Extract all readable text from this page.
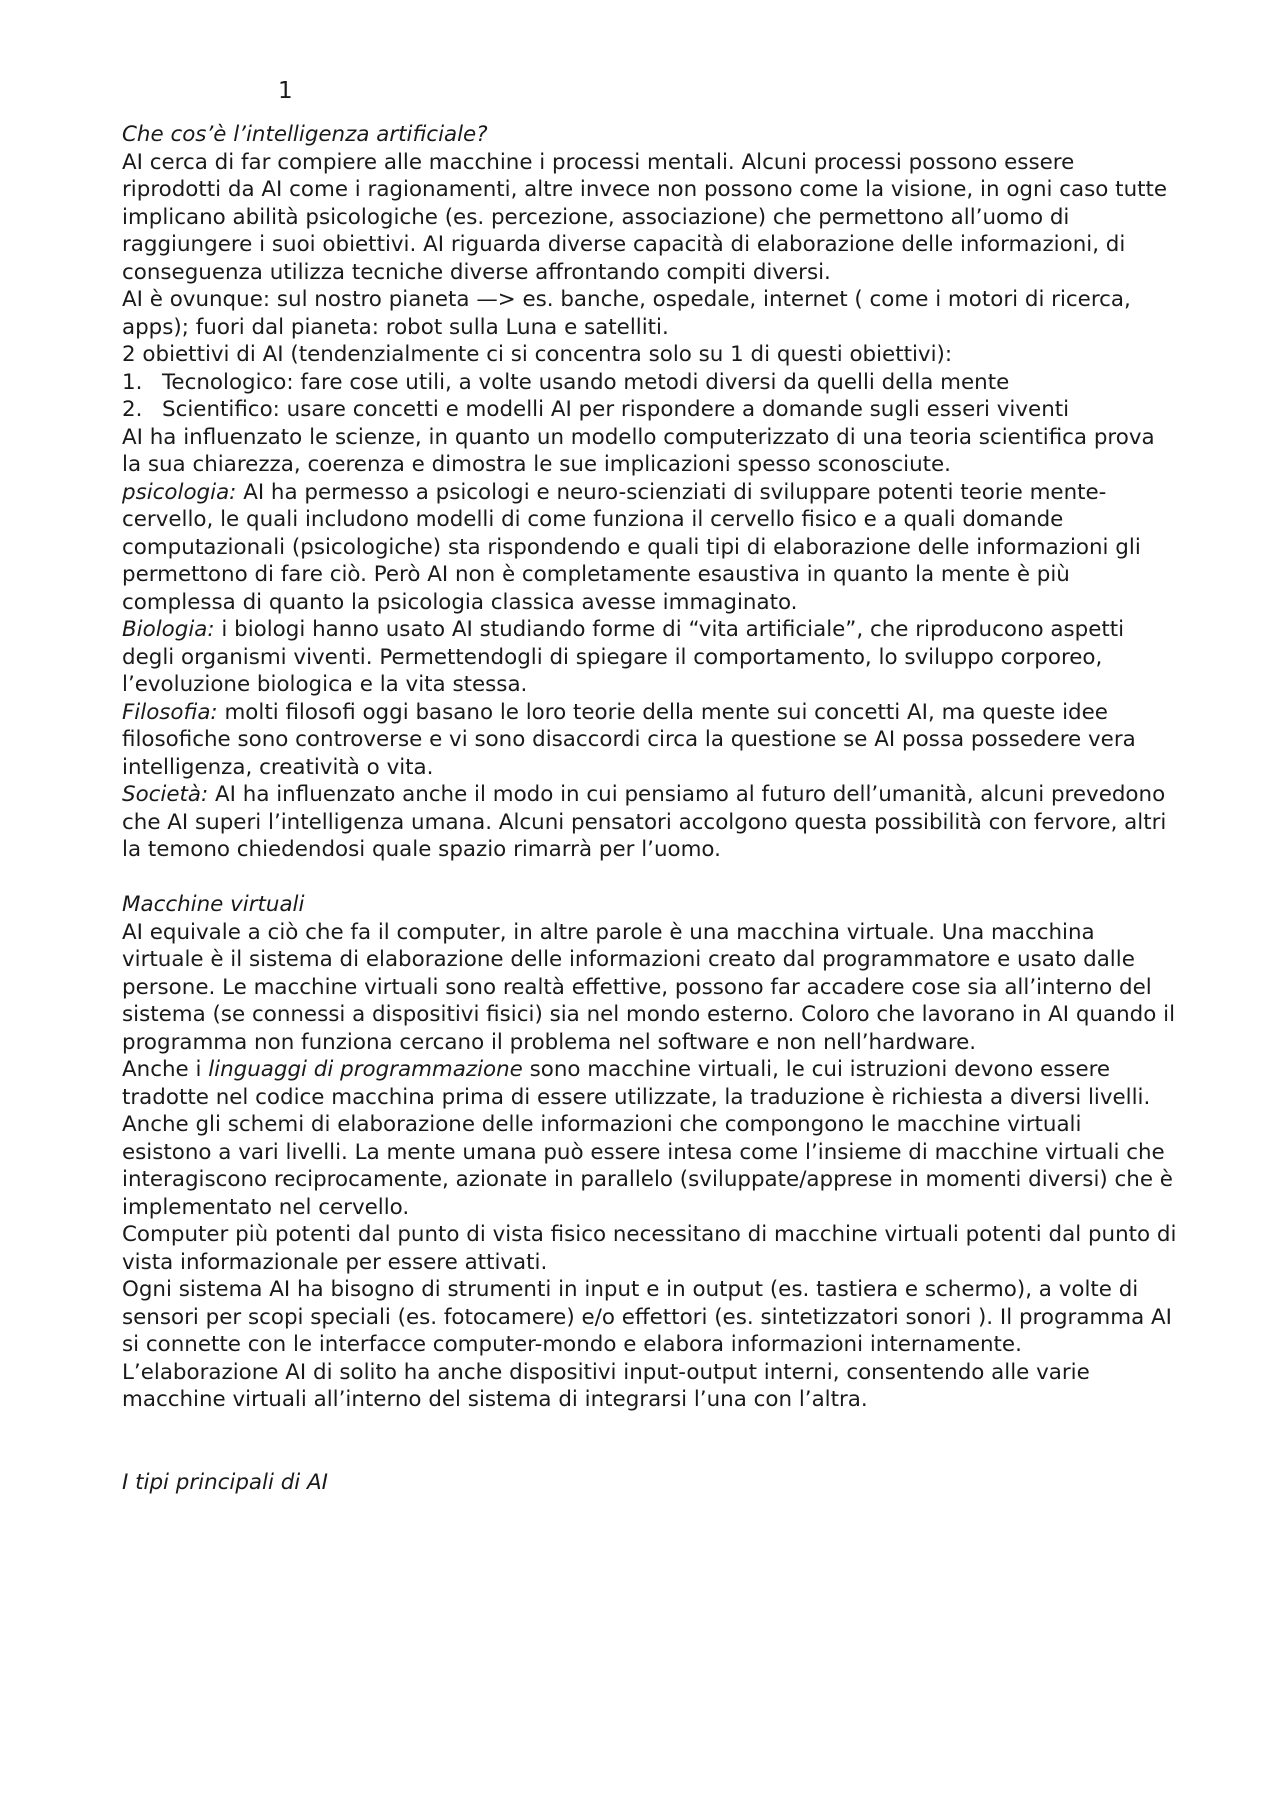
1

Che cos’è l’intelligenza artificiale?

AI cerca di far compiere alle macchine i processi mentali. Alcuni processi possono essere riprodotti da AI come i ragionamenti, altre invece non possono come la visione, in ogni caso tutte implicano abilità psicologiche (es. percezione, associazione) che permettono all’uomo di raggiungere i suoi obiettivi. AI riguarda diverse capacità di elaborazione delle informazioni, di conseguenza utilizza tecniche diverse affrontando compiti diversi.

AI è ovunque: sul nostro pianeta —> es. banche, ospedale, internet ( come i motori di ricerca, apps); fuori dal pianeta: robot sulla Luna e satelliti.

2 obiettivi di AI (tendenzialmente ci si concentra solo su 1 di questi obiettivi):

1. Tecnologico: fare cose utili, a volte usando metodi diversi da quelli della mente
2. Scientifico: usare concetti e modelli AI per rispondere a domande sugli esseri viventi

AI ha influenzato le scienze, in quanto un modello computerizzato di una teoria scientifica prova la sua chiarezza, coerenza e dimostra le sue implicazioni spesso sconosciute.

psicologia: AI ha permesso a psicologi e neuro-scienziati di sviluppare potenti teorie mente-cervello, le quali includono modelli di come funziona il cervello fisico e a quali domande computazionali (psicologiche) sta rispondendo e quali tipi di elaborazione delle informazioni gli permettono di fare ciò. Però AI non è completamente esaustiva in quanto la mente è più complessa di quanto la psicologia classica avesse immaginato.

Biologia: i biologi hanno usato AI studiando forme di “vita artificiale”, che riproducono aspetti degli organismi viventi. Permettendogli di spiegare il comportamento, lo sviluppo corporeo, l’evoluzione biologica e la vita stessa.

Filosofia: molti filosofi oggi basano le loro teorie della mente sui concetti AI, ma queste idee filosofiche sono controverse e vi sono disaccordi circa la questione se AI possa possedere vera intelligenza, creatività o vita.

Società: AI ha influenzato anche il modo in cui pensiamo al futuro dell’umanità, alcuni prevedono che AI superi l’intelligenza umana. Alcuni pensatori accolgono questa possibilità con fervore, altri la temono chiedendosi quale spazio rimarrà per l’uomo.

Macchine virtuali

AI equivale a ciò che fa il computer, in altre parole è una macchina virtuale. Una macchina virtuale è il sistema di elaborazione delle informazioni creato dal programmatore e usato dalle persone. Le macchine virtuali sono realtà effettive, possono far accadere cose sia all’interno del sistema (se connessi a dispositivi fisici) sia nel mondo esterno. Coloro che lavorano in AI quando il programma non funziona cercano il problema nel software e non nell’hardware.

Anche i linguaggi di programmazione sono macchine virtuali, le cui istruzioni devono essere tradotte nel codice macchina prima di essere utilizzate, la traduzione è richiesta a diversi livelli.

Anche gli schemi di elaborazione delle informazioni che compongono le macchine virtuali esistono a vari livelli. La mente umana può essere intesa come l’insieme di macchine virtuali che interagiscono reciprocamente, azionate in parallelo (sviluppate/apprese in momenti diversi) che è implementato nel cervello.

Computer più potenti dal punto di vista fisico necessitano di macchine virtuali potenti dal punto di vista informazionale per essere attivati.

Ogni sistema AI ha bisogno di strumenti in input e in output (es. tastiera e schermo), a volte di sensori per scopi speciali (es. fotocamere) e/o effettori (es. sintetizzatori sonori ). Il programma AI si connette con le interfacce computer-mondo e elabora informazioni internamente.

L’elaborazione AI di solito ha anche dispositivi input-output interni, consentendo alle varie macchine virtuali all’interno del sistema di integrarsi l’una con l’altra.

I tipi principali di AI
